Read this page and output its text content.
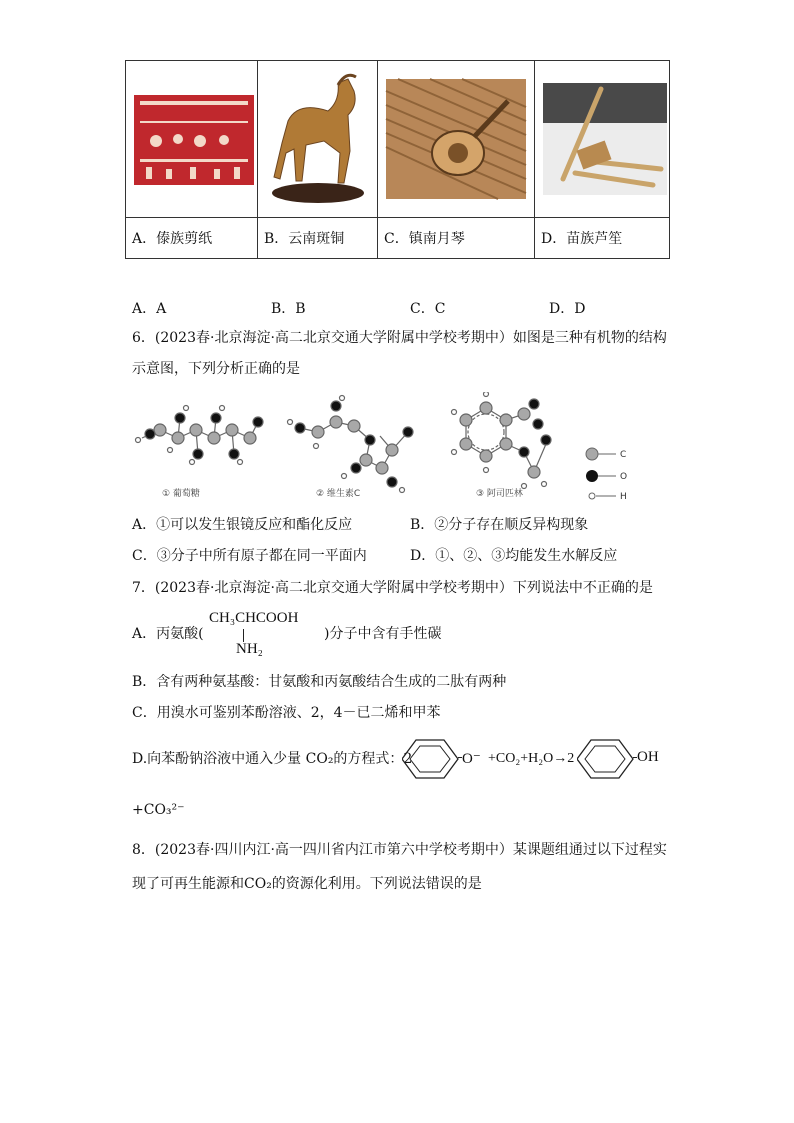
A．傣族剪纸	B．云南斑铜	C．镇南月琴	D．苗族芦笙
A．A	B．B	C．C	D．D
6．(2023春·北京海淀·高二北京交通大学附属中学校考期中）如图是三种有机物的结构
示意图，下列分析正确的是
C
O
H
① 葡萄糖	② 维生素C	③ 阿司匹林
A．①可以发生银镜反应和酯化反应	B．②分子存在顺反异构现象
C．③分子中所有原子都在同一平面内	D．①、②、③均能发生水解反应
7．(2023春·北京海淀·高二北京交通大学附属中学校考期中）下列说法中不正确的是
A．丙氨酸(
CH₃CHCOOH
NH₂
)分子中含有手性碳
B．含有两种氨基酸：甘氨酸和丙氨酸结合生成的二肽有两种
C．用溴水可鉴别苯酚溶液、2，4－已二烯和甲苯
D.向苯酚钠浴液中通入少量 CO₂的方程式：2	O⁻ +CO₂+H₂O→2	OH
+CO₃²⁻
8．(2023春·四川内江·高一四川省内江市第六中学校考期中）某课题组通过以下过程实
现了可再生能源和CO₂的资源化利用。下列说法错误的是
